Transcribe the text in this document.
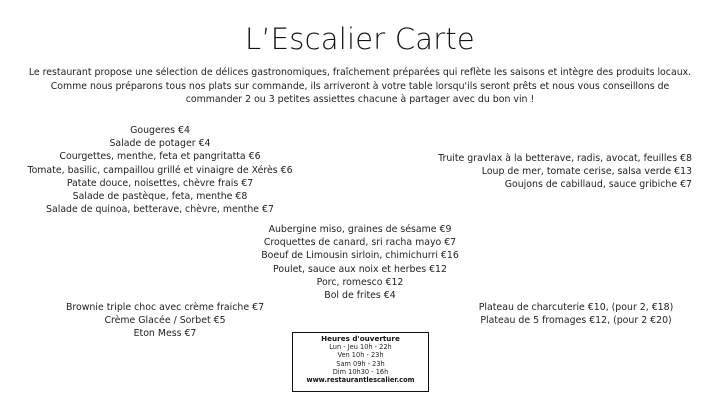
L’Escalier Carte
Le restaurant propose une sélection de délices gastronomiques, fraîchement préparées qui reflète les saisons et intègre des produits locaux.
Comme nous préparons tous nos plats sur commande, ils arriveront à votre table lorsqu'ils seront prêts et nous vous conseillons de
commander 2 ou 3 petites assiettes chacune à partager avec du bon vin !
Gougeres €4
Salade de potager €4
Courgettes, menthe, feta et pangritatta €6
Tomate, basilic, campaillou grillé et vinaigre de Xérès €6
Patate douce, noisettes, chèvre frais €7
Salade de pastèque, feta, menthe €8
Salade de quinoa, betterave, chèvre, menthe €7
Truite gravlax à la betterave, radis, avocat, feuilles €8
Loup de mer, tomate cerise, salsa verde €13
Goujons de cabillaud, sauce gribiche €7
Aubergine miso, graines de sésame €9
Croquettes de canard, sri racha mayo €7
Boeuf de Limousin sirloin, chimichurri €16
Poulet, sauce aux noix et herbes €12
Porc, romesco €12
Bol de frites €4
Brownie triple choc avec crème fraiche €7
Crème Glacée / Sorbet €5
Eton Mess €7
Plateau de charcuterie €10, (pour 2, €18)
Plateau de 5 fromages €12, (pour 2 €20)
Heures d'ouverture
Lun - Jeu 10h - 22h
Ven 10h - 23h
Sam 09h - 23h
Dim 10h30 - 16h
www.restaurantlescalier.com
